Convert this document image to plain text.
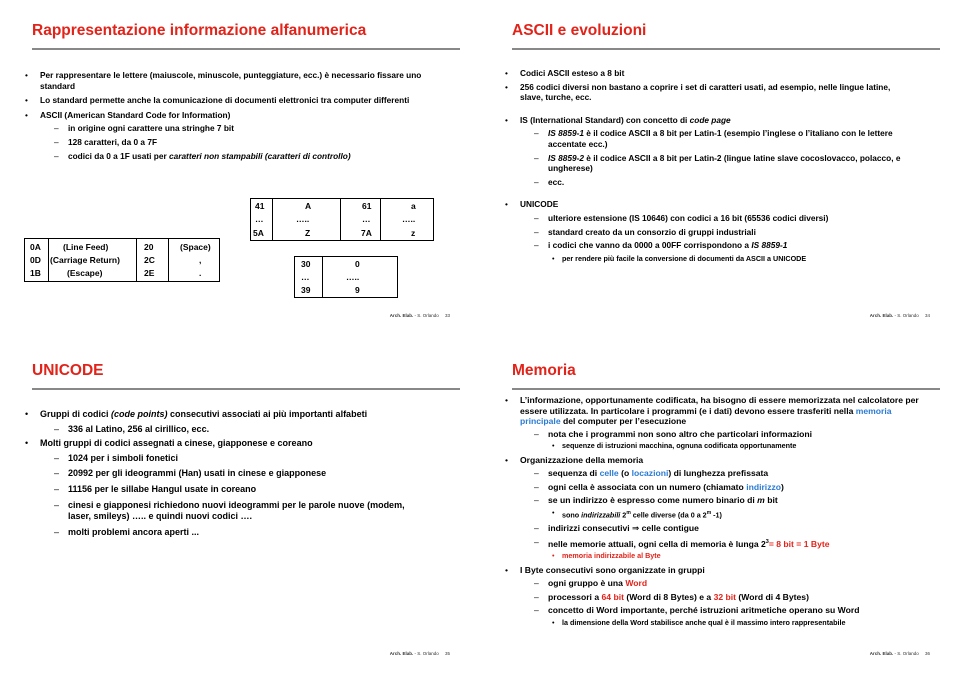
Rappresentazione informazione alfanumerica
• Per rappresentare le lettere (maiuscole, minuscole, punteggiature, ecc.) è necessario fissare uno standard
• Lo standard permette anche la comunicazione di documenti elettronici tra computer differenti
• ASCII (American Standard Code for Information)
– in origine ogni carattere una stringhe 7 bit
– 128 caratteri, da 0 a 7F
– codici da 0 a 1F usati per caratteri non stampabili (caratteri di controllo)
0A	(Line Feed)	20	(Space)
0D (Carriage Return)	2C	,
1B	(Escape)	2E	.
41	A	61	a
…	…..	…	…..
5A	Z	7A	z
30	0
…	…..
39	9
Arch. Elab. - S. Orlando 33
ASCII e evoluzioni
• Codici ASCII esteso a 8 bit
• 256 codici diversi non bastano a coprire i set di caratteri usati, ad esempio, nelle lingue latine, slave, turche, ecc.
• IS (International Standard) con concetto di code page
– IS 8859-1 è il codice ASCII a 8 bit per Latin-1 (esempio l’inglese o l’italiano con le lettere accentate ecc.)
– IS 8859-2 è il codice ASCII a 8 bit per Latin-2 (lingue latine slave cocoslovacco, polacco, e ungherese)
– ecc.
• UNICODE
– ulteriore estensione (IS 10646) con codici a 16 bit (65536 codici diversi)
– standard creato da un consorzio di gruppi industriali
– i codici che vanno da 0000 a 00FF corrispondono a IS 8859-1
• per rendere più facile la conversione di documenti da ASCII a UNICODE
Arch. Elab. - S. Orlando 34
UNICODE
• Gruppi di codici (code points) consecutivi associati ai più importanti alfabeti
– 336 al Latino, 256 al cirillico, ecc.
• Molti gruppi di codici assegnati a cinese, giapponese e coreano
– 1024 per i simboli fonetici
– 20992 per gli ideogrammi (Han) usati in cinese e giapponese
– 11156 per le sillabe Hangul usate in coreano
– cinesi e giapponesi richiedono nuovi ideogrammi per le parole nuove (modem, laser, smileys) ….. e quindi nuovi codici ….
– molti problemi ancora aperti ...
Arch. Elab. - S. Orlando 35
Memoria
• L’informazione, opportunamente codificata, ha bisogno di essere memorizzata nel calcolatore per essere utilizzata. In particolare i programmi (e i dati) devono essere trasferiti nella memoria principale del computer per l’esecuzione
– nota che i programmi non sono altro che particolari informazioni
• sequenze di istruzioni macchina, ognuna codificata opportunamente
• Organizzazione della memoria
– sequenza di celle (o locazioni) di lunghezza prefissata
– ogni cella è associata con un numero (chiamato indirizzo)
– se un indirizzo è espresso come numero binario di m bit
• sono indirizzabili 2$^m$ celle diverse (da 0 a 2$^m$ -1)
– indirizzi consecutivi ⇒ celle contigue
– nelle memorie attuali, ogni cella di memoria è lunga $2^3= 8$ bit = 1 Byte
• memoria indirizzabile al Byte
• I Byte consecutivi sono organizzate in gruppi
– ogni gruppo è una Word
– processori a 64 bit (Word di 8 Bytes) e a 32 bit (Word di 4 Bytes)
– concetto di Word importante, perché istruzioni aritmetiche operano su Word
• la dimensione della Word stabilisce anche qual è il massimo intero rappresentabile
Arch. Elab. - S. Orlando 36
